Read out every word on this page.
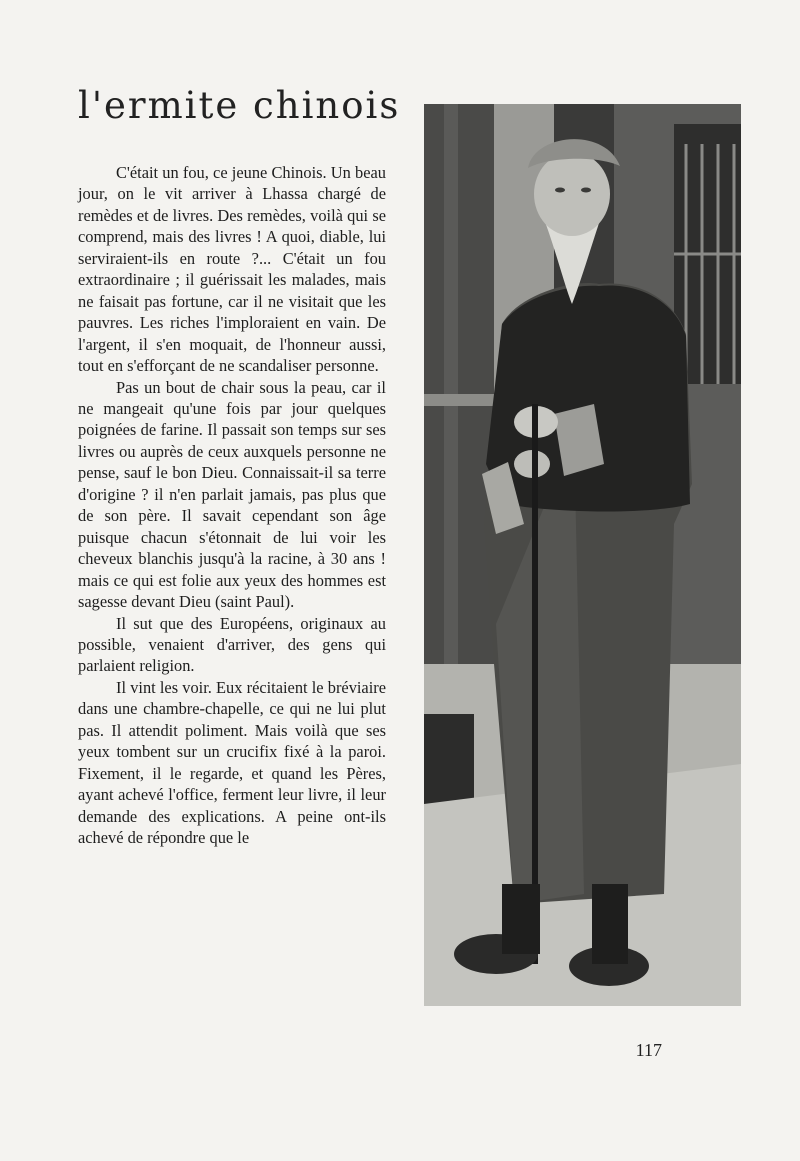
l'ermite chinois

C'était un fou, ce jeune Chinois. Un beau jour, on le vit arriver à Lhassa chargé de remèdes et de livres. Des remèdes, voilà qui se comprend, mais des livres ! A quoi, diable, lui serviraient-ils en route ?... C'était un fou extraordinaire ; il guérissait les malades, mais ne faisait pas fortune, car il ne visitait que les pauvres. Les riches l'imploraient en vain. De l'argent, il s'en moquait, de l'honneur aussi, tout en s'efforçant de ne scandaliser personne.

Pas un bout de chair sous la peau, car il ne mangeait qu'une fois par jour quelques poignées de farine. Il passait son temps sur ses livres ou auprès de ceux auxquels personne ne pense, sauf le bon Dieu. Connaissait-il sa terre d'origine ? il n'en parlait jamais, pas plus que de son père. Il savait cependant son âge puisque chacun s'étonnait de lui voir les cheveux blanchis jusqu'à la racine, à 30 ans ! mais ce qui est folie aux yeux des hommes est sagesse devant Dieu (saint Paul).

Il sut que des Européens, originaux au possible, venaient d'arriver, des gens qui parlaient religion.

Il vint les voir. Eux récitaient le bréviaire dans une chambre-chapelle, ce qui ne lui plut pas. Il attendit poliment. Mais voilà que ses yeux tombent sur un crucifix fixé à la paroi. Fixement, il le regarde, et quand les Pères, ayant achevé l'office, ferment leur livre, il leur demande des explications. A peine ont-ils achevé de répondre que le

117
